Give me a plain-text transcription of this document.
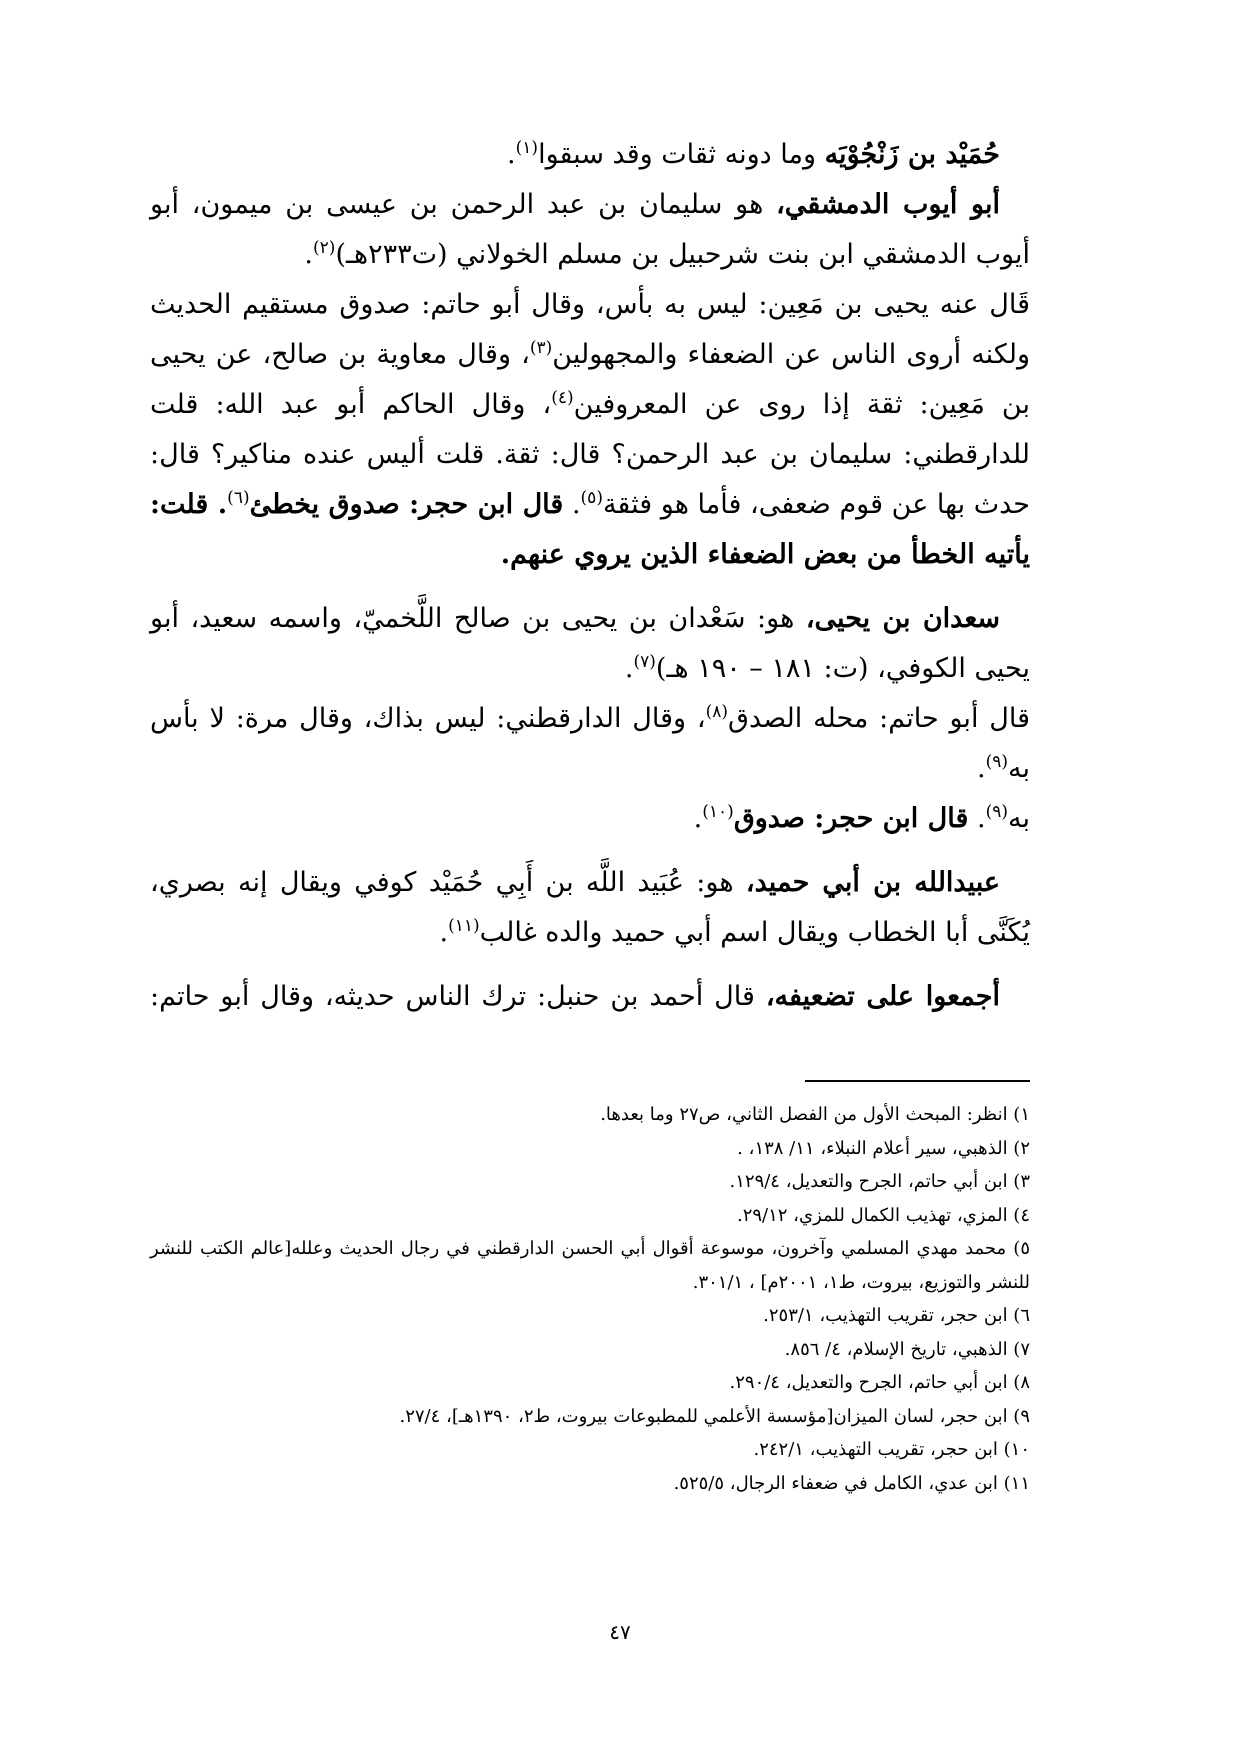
حُمَيْد بن زَنْجُوْيَه وما دونه ثقات وقد سبقوا$^{(١)}$.

أبو أيوب الدمشقي، هو سليمان بن عبد الرحمن بن عيسى بن ميمون، أبو أيوب الدمشقي ابن بنت شرحبيل بن مسلم الخولاني (ت٢٣٣هـ)$^{(٢)}$.

قَال عنه يحيى بن مَعِين: ليس به بأس، وقال أبو حاتم: صدوق مستقيم الحديث ولكنه أروى الناس عن الضعفاء والمجهولين$^{(٣)}$، وقال معاوية بن صالح، عن يحيى بن مَعِين: ثقة إذا روى عن المعروفين$^{(٤)}$، وقال الحاكم أبو عبد الله: قلت للدارقطني: سليمان بن عبد الرحمن؟ قال: ثقة. قلت أليس عنده مناكير؟ قال: حدث بها عن قوم ضعفى، فأما هو فثقة$^{(٥)}$. قال ابن حجر: صدوق يخطئ$^{(٦)}$. قلت: يأتيه الخطأ من بعض الضعفاء الذين يروي عنهم.

سعدان بن يحيى، هو: سَعْدان بن يحيى بن صالح اللَّخميّ، واسمه سعيد، أبو يحيى الكوفي، (ت: ١٨١ – ١٩٠ هـ)$^{(٧)}$.

قال أبو حاتم: محله الصدق$^{(٨)}$، وقال الدارقطني: ليس بذاك، وقال مرة: لا بأس به$^{(٩)}$.
به$^{(٩)}$. قال ابن حجر: صدوق$^{(١٠)}$.

عبيدالله بن أبي حميد، هو: عُبَيد اللَّه بن أَبِي حُمَيْد كوفي ويقال إنه بصري، يُكَنَّى أبا الخطاب ويقال اسم أبي حميد والده غالب$^{(١١)}$.

أجمعوا على تضعيفه، قال أحمد بن حنبل: ترك الناس حديثه، وقال أبو حاتم:

١) انظر: المبحث الأول من الفصل الثاني، ص٢٧ وما بعدها.

٢) الذهبي، سير أعلام النبلاء، ١١/ ١٣٨، .

٣) ابن أبي حاتم، الجرح والتعديل، ١٢٩/٤.

٤) المزي، تهذيب الكمال للمزي، ٢٩/١٢.

٥) محمد مهدي المسلمي وآخرون، موسوعة أقوال أبي الحسن الدارقطني في رجال الحديث وعلله[عالم الكتب للنشر للنشر والتوزيع، بيروت، ط١، ٢٠٠١م] ، ٣٠١/١.

٦) ابن حجر، تقريب التهذيب، ٢٥٣/١.

٧) الذهبي، تاريخ الإسلام، ٤/ ٨٥٦.

٨) ابن أبي حاتم، الجرح والتعديل، ٢٩٠/٤.

٩) ابن حجر، لسان الميزان[مؤسسة الأعلمي للمطبوعات بيروت، ط٢، ١٣٩٠هـ]، ٢٧/٤.

١٠) ابن حجر، تقريب التهذيب، ٢٤٢/١.

١١) ابن عدي، الكامل في ضعفاء الرجال، ٥٢٥/٥.

٤٧
